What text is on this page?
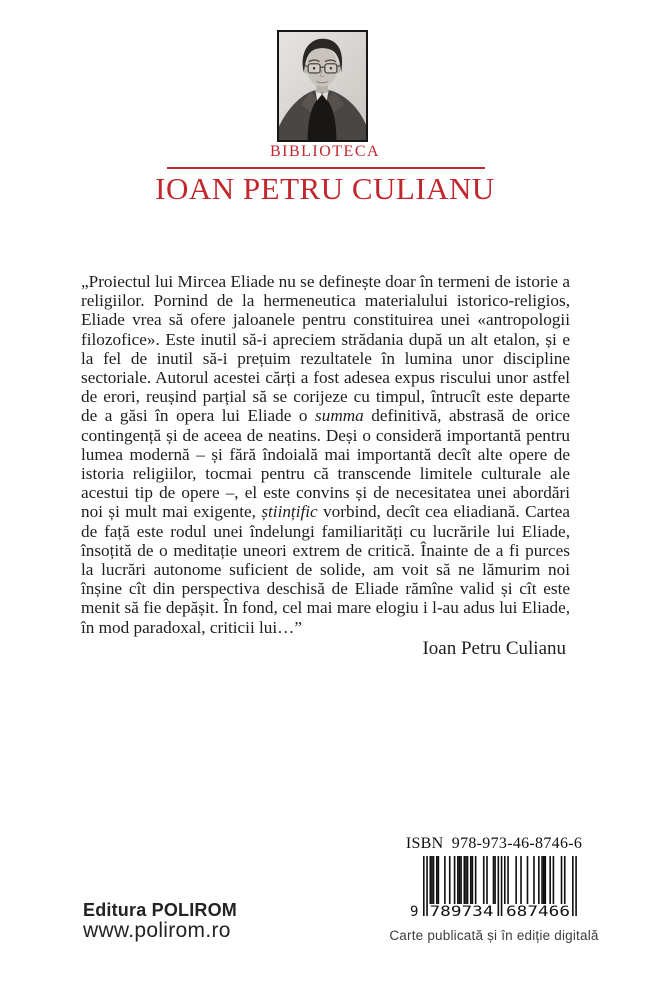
BIBLIOTECA
IOAN PETRU CULIANU

„Proiectul lui Mircea Eliade nu se definește doar în termeni de istorie a religiilor. Pornind de la hermeneutica materialului istorico-religios, Eliade vrea să ofere jaloanele pentru constituirea unei «antropologii filozofice». Este inutil să-i apreciem strădania după un alt etalon, și e la fel de inutil să-i prețuim rezultatele în lumina unor discipline sectoriale. Autorul acestei cărți a fost adesea expus riscului unor astfel de erori, reușind parțial să se corijeze cu timpul, întrucît este departe de a găsi în opera lui Eliade o summa definitivă, abstrasă de orice contingență și de aceea de neatins. Deși o consideră importantă pentru lumea modernă – și fără îndoială mai importantă decît alte opere de istoria religiilor, tocmai pentru că transcende limitele culturale ale acestui tip de opere –, el este convins și de necesitatea unei abordări noi și mult mai exigente, științific vorbind, decît cea eliadiană. Cartea de față este rodul unei îndelungi familiarități cu lucrările lui Eliade, însoțită de o meditație uneori extrem de critică. Înainte de a fi purces la lucrări autonome suficient de solide, am voit să ne lămurim noi înșine cît din perspectiva deschisă de Eliade rămîne valid și cît este menit să fie depășit. În fond, cel mai mare elogiu i l-au adus lui Eliade, în mod paradoxal, criticii lui…”

Ioan Petru Culianu
Editura POLIROM
www.polirom.ro
ISBN 978-973-46-8746-6
9 789734 687466
Carte publicată și în ediție digitală
